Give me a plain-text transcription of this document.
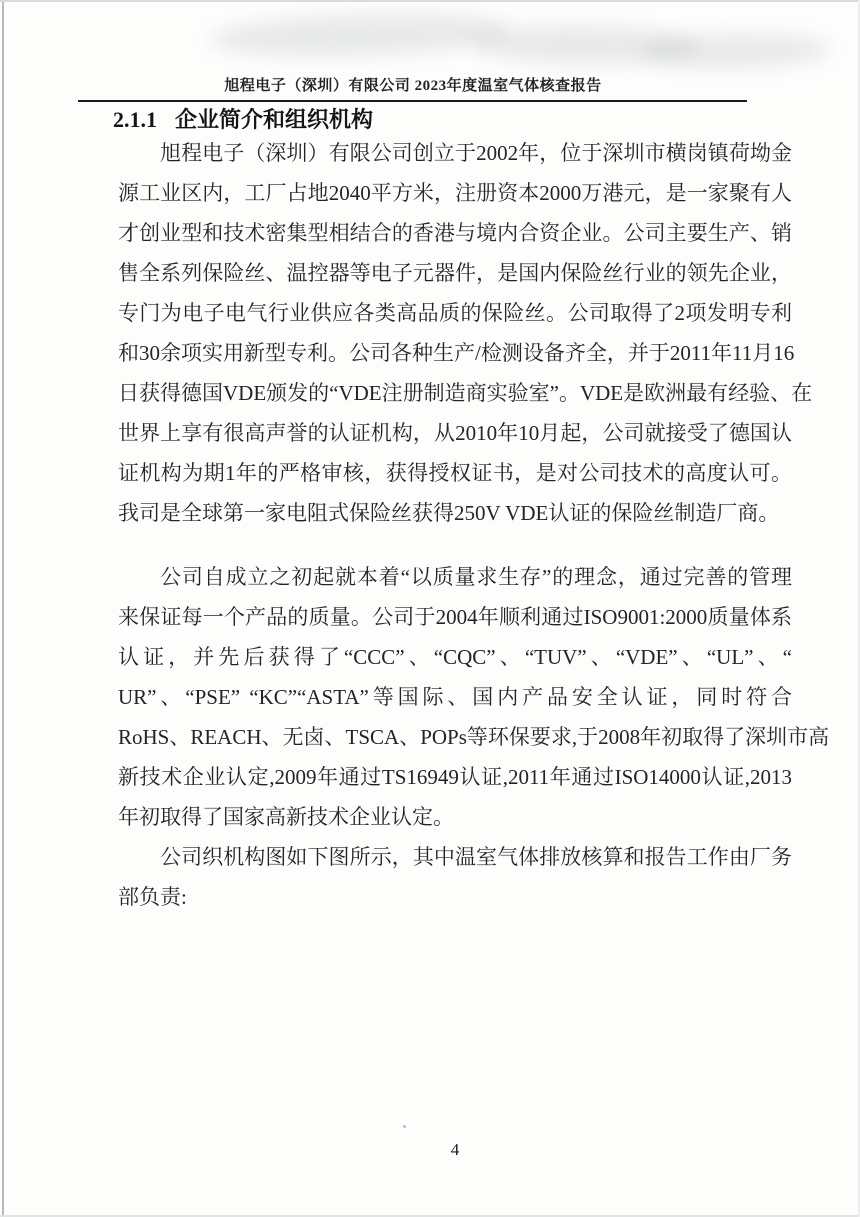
旭程电子（深圳）有限公司 2023年度温室气体核查报告
2.1.1 企业简介和组织机构
旭程电子（深圳）有限公司创立于2002年，位于深圳市横岗镇荷坳金
源工业区内，工厂占地2040平方米，注册资本2000万港元，是一家聚有人
才创业型和技术密集型相结合的香港与境内合资企业。公司主要生产、销
售全系列保险丝、温控器等电子元器件，是国内保险丝行业的领先企业，
专门为电子电气行业供应各类高品质的保险丝。公司取得了2项发明专利
和30余项实用新型专利。公司各种生产/检测设备齐全，并于2011年11月16
日获得德国VDE颁发的“VDE注册制造商实验室”。VDE是欧洲最有经验、在
世界上享有很高声誉的认证机构，从2010年10月起，公司就接受了德国认
证机构为期1年的严格审核，获得授权证书，是对公司技术的高度认可。
我司是全球第一家电阻式保险丝获得250V VDE认证的保险丝制造厂商。
公司自成立之初起就本着“以质量求生存”的理念，通过完善的管理
来保证每一个产品的质量。公司于2004年顺利通过ISO9001:2000质量体系
认证，并先后获得了“CCC”、“CQC”、“TUV”、“VDE”、“UL”、“
UR”、“PSE” “KC”“ASTA”等国际、国内产品安全认证，同时符合
RoHS、REACH、无卤、TSCA、POPs等环保要求,于2008年初取得了深圳市高
新技术企业认定,2009年通过TS16949认证,2011年通过ISO14000认证,2013
年初取得了国家高新技术企业认定。
公司织机构图如下图所示，其中温室气体排放核算和报告工作由厂务
部负责:
4
